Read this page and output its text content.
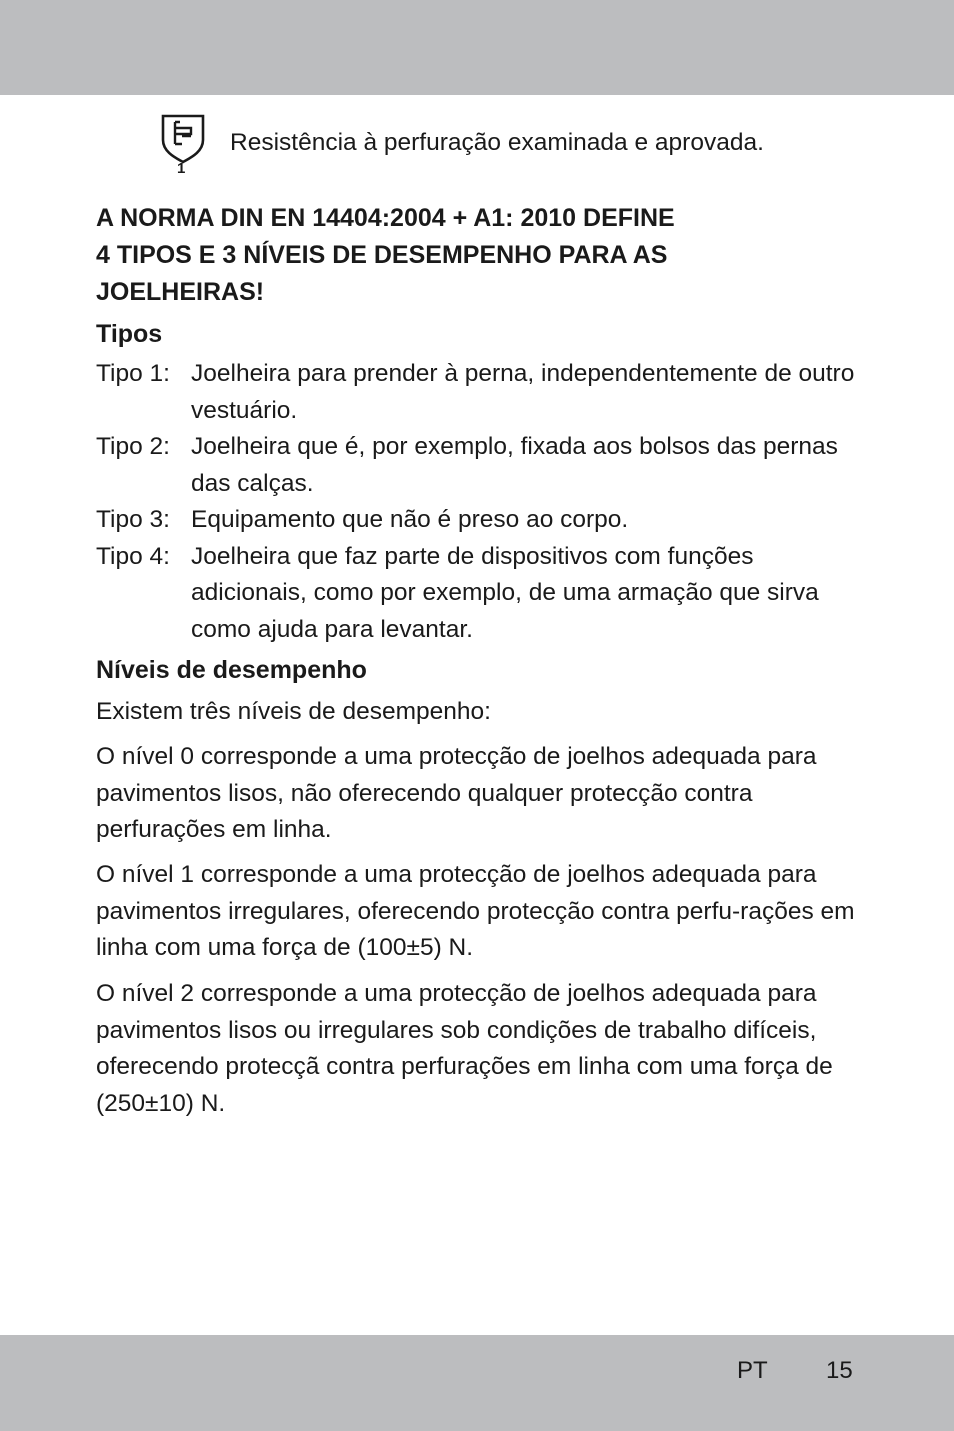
1
Resistência à perfuração examinada e aprovada.
A NORMA DIN EN 14404:2004 + A1: 2010 DEFINE
4 TIPOS E 3 NÍVEIS DE DESEMPENHO PARA AS
JOELHEIRAS!
Tipos
Tipo 1: Joelheira para prender à perna, independentemente de outro vestuário.
Tipo 2: Joelheira que é, por exemplo, fixada aos bolsos das pernas das calças.
Tipo 3: Equipamento que não é preso ao corpo.
Tipo 4: Joelheira que faz parte de dispositivos com funções adicionais, como por exemplo, de uma armação que sirva como ajuda para levantar.
Níveis de desempenho
Existem três níveis de desempenho:
O nível 0 corresponde a uma protecção de joelhos adequada para pavimentos lisos, não oferecendo qualquer protecção contra perfurações em linha.
O nível 1 corresponde a uma protecção de joelhos adequada para pavimentos irregulares, oferecendo protecção contra perfu-rações em linha com uma força de (100±5) N.
O nível 2 corresponde a uma protecção de joelhos adequada para pavimentos lisos ou irregulares sob condições de trabalho difíceis, oferecendo protecçã contra perfurações em linha com uma força de (250±10) N.
PT 15
